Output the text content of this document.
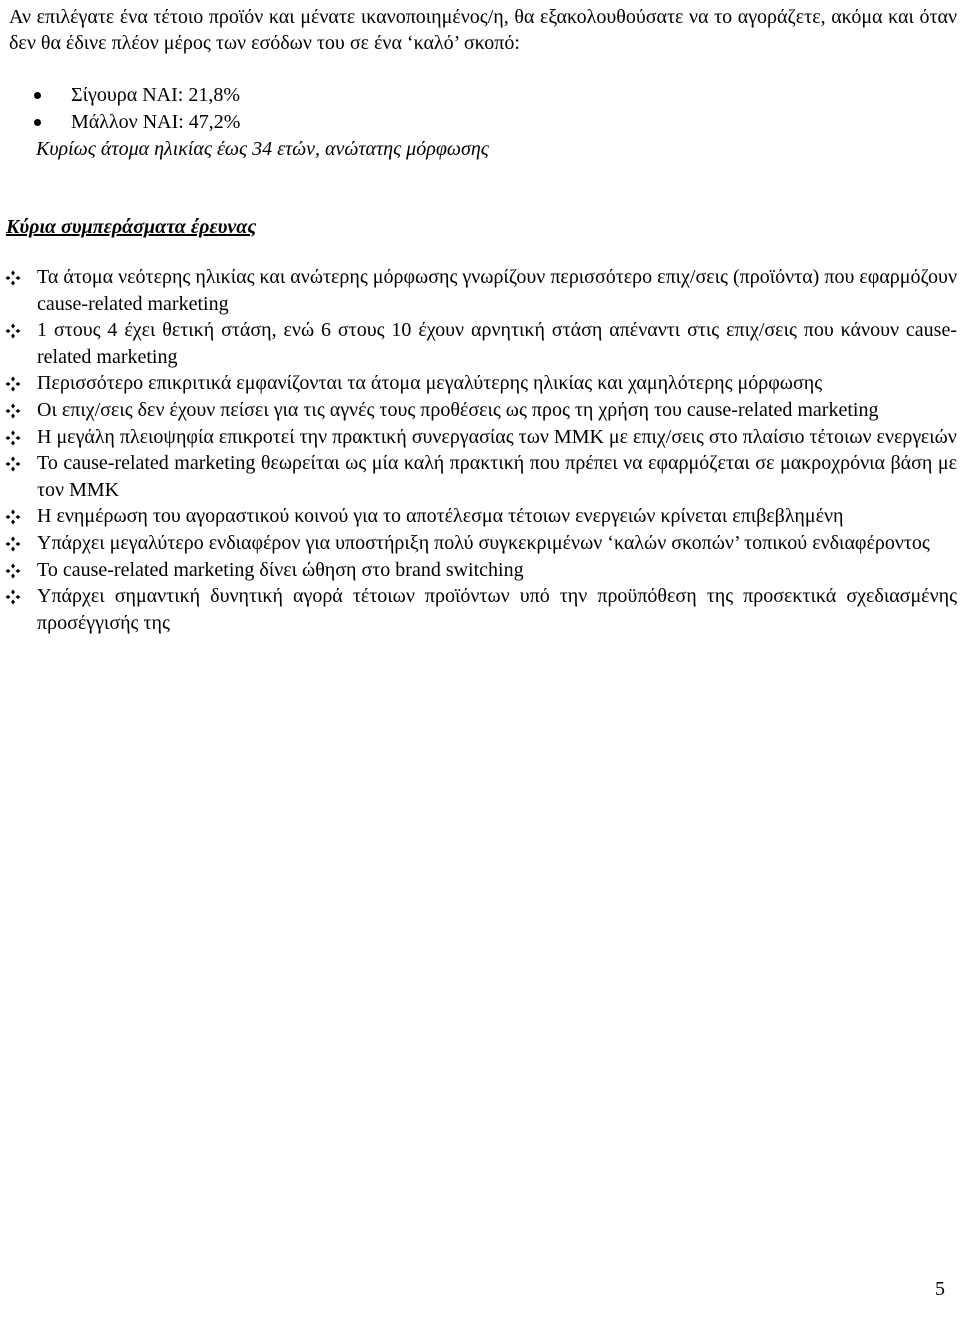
Αν επιλέγατε ένα τέτοιο προϊόν και μένατε ικανοποιημένος/η, θα εξακολουθούσατε να το αγοράζετε, ακόμα και όταν δεν θα έδινε πλέον μέρος των εσόδων του σε ένα ‘καλό’ σκοπό:

Σίγουρα ΝΑΙ: 21,8%
Μάλλον ΝΑΙ: 47,2%

Κυρίως άτομα ηλικίας έως 34 ετών, ανώτατης μόρφωσης

Κύρια συμπεράσματα έρευνας
Τα άτομα νεότερης ηλικίας και ανώτερης μόρφωσης γνωρίζουν περισσότερο επιχ/σεις (προϊόντα) που εφαρμόζουν cause-related marketing
1 στους 4 έχει θετική στάση, ενώ 6 στους 10 έχουν αρνητική στάση απέναντι στις επιχ/σεις που κάνουν cause-related marketing
Περισσότερο επικριτικά εμφανίζονται τα άτομα μεγαλύτερης ηλικίας και χαμηλότερης μόρφωσης
Οι επιχ/σεις δεν έχουν πείσει για τις αγνές τους προθέσεις ως προς τη χρήση του cause-related marketing
Η μεγάλη πλειοψηφία επικροτεί την πρακτική συνεργασίας των ΜΜΚ με επιχ/σεις στο πλαίσιο τέτοιων ενεργειών
Το cause-related marketing θεωρείται ως μία καλή πρακτική που πρέπει να εφαρμόζεται σε μακροχρόνια βάση με τον ΜΜΚ
Η ενημέρωση του αγοραστικού κοινού για το αποτέλεσμα τέτοιων ενεργειών κρίνεται επιβεβλημένη
Υπάρχει μεγαλύτερο ενδιαφέρον για υποστήριξη πολύ συγκεκριμένων ‘καλών σκοπών’ τοπικού ενδιαφέροντος
Το cause-related marketing δίνει ώθηση στο brand switching
Υπάρχει σημαντική δυνητική αγορά τέτοιων προϊόντων υπό την προϋπόθεση της προσεκτικά σχεδιασμένης προσέγγισής της

5
